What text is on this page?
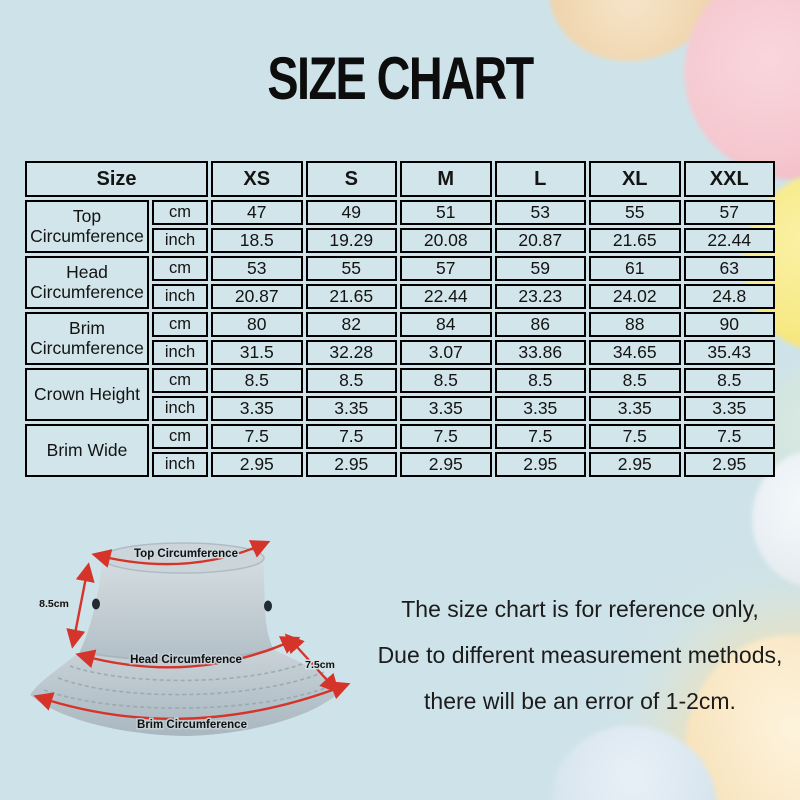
SIZE CHART
Size		XS	S	M	L	XL	XXL
Top Circumference	cm	47	49	51	53	55	57
	inch	18.5	19.29	20.08	20.87	21.65	22.44
Head Circumference	cm	53	55	57	59	61	63
	inch	20.87	21.65	22.44	23.23	24.02	24.8
Brim Circumference	cm	80	82	84	86	88	90
	inch	31.5	32.28	3.07	33.86	34.65	35.43
Crown Height	cm	8.5	8.5	8.5	8.5	8.5	8.5
	inch	3.35	3.35	3.35	3.35	3.35	3.35
Brim Wide	cm	7.5	7.5	7.5	7.5	7.5	7.5
	inch	2.95	2.95	2.95	2.95	2.95	2.95
Top Circumference
8.5cm
Head Circumference	7.5cm
Brim Circumference
The size chart is for reference only,
Due to different measurement methods,
there will be an error of 1-2cm.
